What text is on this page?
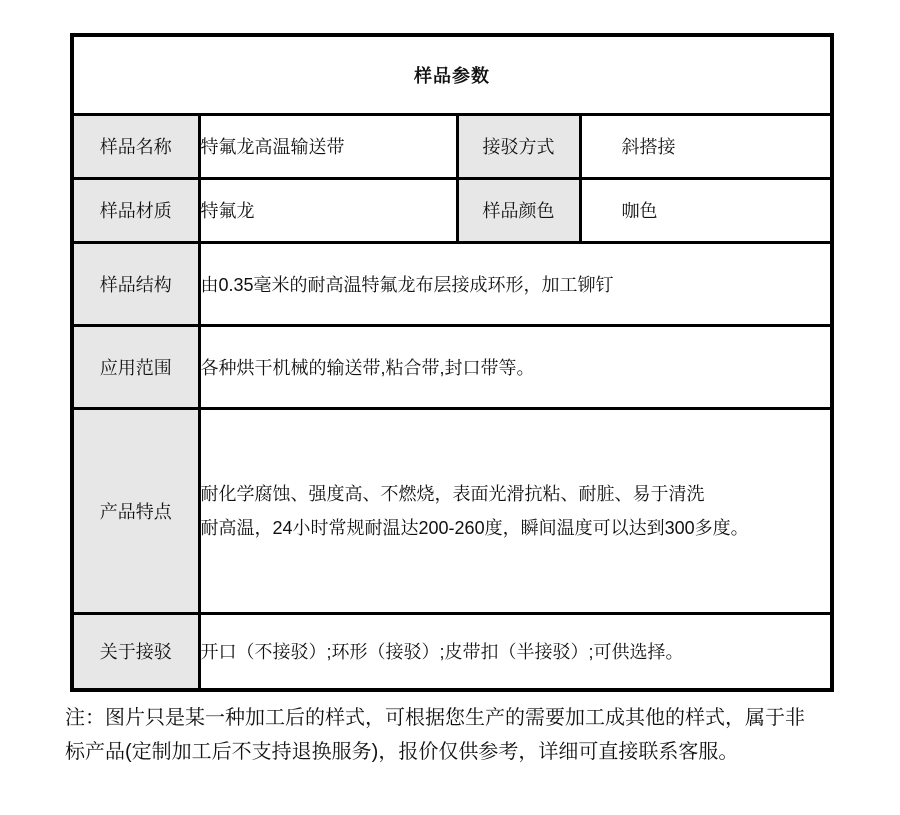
样品参数			
样品名称	特氟龙高温输送带	接驳方式	斜搭接
样品材质	特氟龙	样品颜色	咖色
样品结构	由0.35毫米的耐高温特氟龙布层接成环形，加工铆钉		
应用范围	各种烘干机械的输送带,粘合带,封口带等。		
产品特点	耐化学腐蚀、强度高、不燃烧，表面光滑抗粘、耐脏、易于清洗
耐高温，24小时常规耐温达200-260度，瞬间温度可以达到300多度。		

关于接驳	开口（不接驳）;环形（接驳）;皮带扣（半接驳）;可供选择。		
注：图片只是某一种加工后的样式，可根据您生产的需要加工成其他的样式，属于非
标产品(定制加工后不支持退换服务)，报价仅供参考，详细可直接联系客服。
